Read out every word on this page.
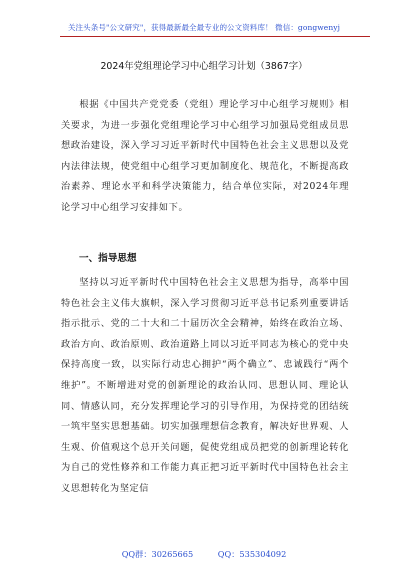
关注头条号"公文研究"，获得最新最全最专业的公文资料库！ 微信：gongwenyj
2024年党组理论学习中心组学习计划（3867字）

根据《中国共产党党委（党组）理论学习中心组学习规则》相关要求，为进一步强化党组理论学习中心组学习加强局党组成员思想政治建设，深入学习习近平新时代中国特色社会主义思想以及党内法律法规，使党组中心组学习更加制度化、规范化，不断提高政治素养、理论水平和科学决策能力，结合单位实际，对2024年理论学习中心组学习安排如下。

一、指导思想

坚持以习近平新时代中国特色社会主义思想为指导，高举中国特色社会主义伟大旗帜，深入学习贯彻习近平总书记系列重要讲话指示批示、党的二十大和二十届历次全会精神，始终在政治立场、政治方向、政治原则、政治道路上同以习近平同志为核心的党中央保持高度一致，以实际行动忠心拥护“两个确立”、忠诚践行“两个维护”。不断增进对党的创新理论的政治认同、思想认同、理论认同、情感认同，充分发挥理论学习的引导作用，为保持党的团结统一筑牢坚实思想基础。切实加强理想信念教育，解决好世界观、人生观、价值观这个总开关问题，促使党组成员把党的创新理论转化为自己的党性修养和工作能力真正把习近平新时代中国特色社会主义思想转化为坚定信

QQ群：30265665	QQ：535304092
